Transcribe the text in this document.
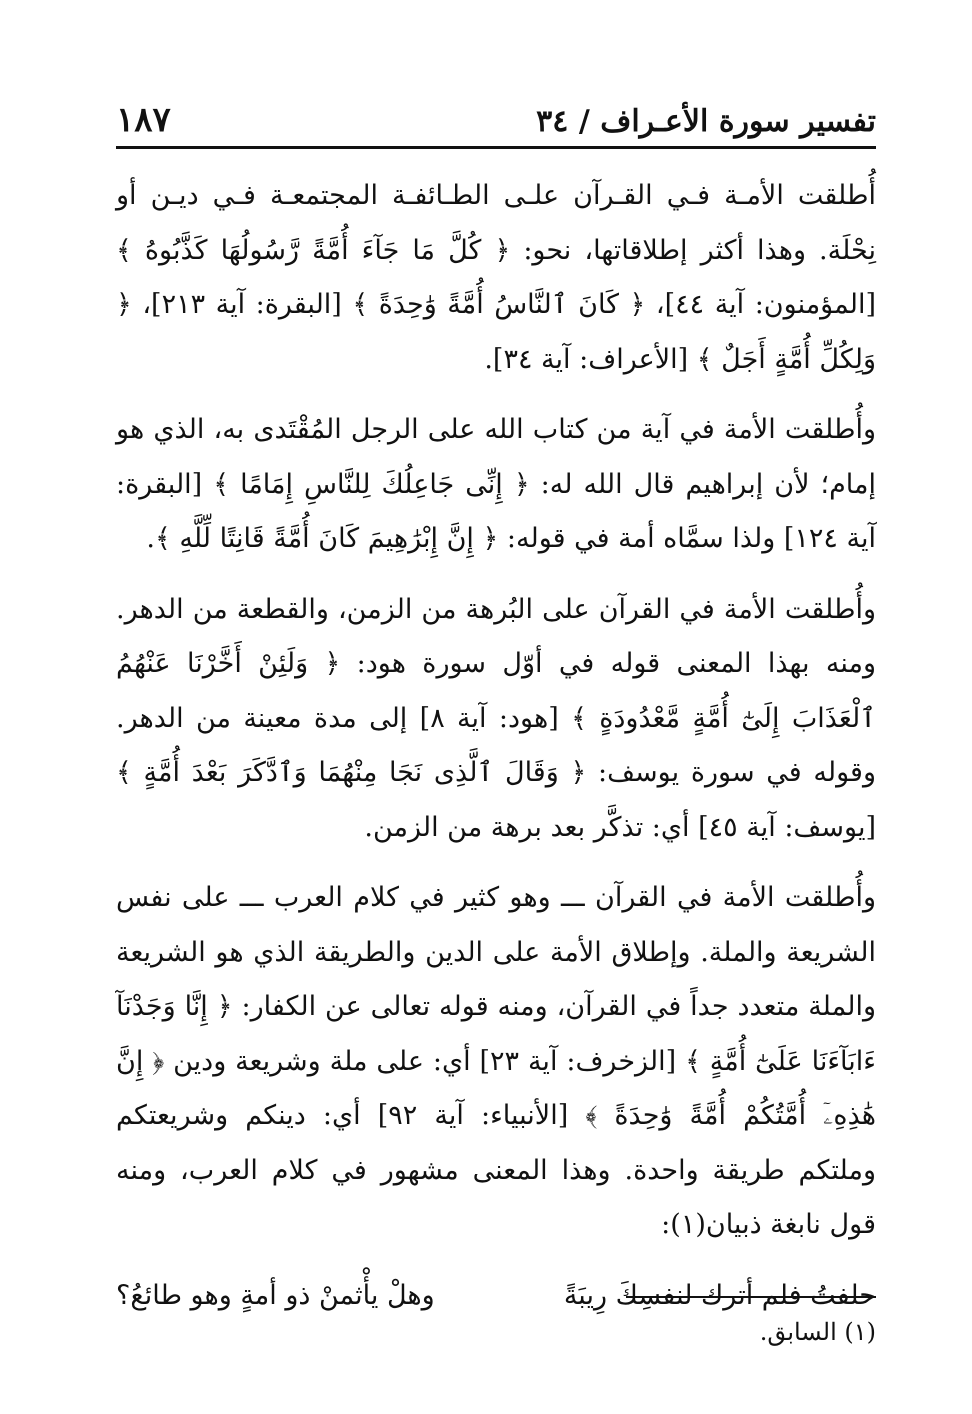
تفسير سورة الأعـراف / ٣٤
١٨٧

أُطلقت الأمـة فـي القـرآن علـى الطـائفـة المجتمعـة فـي ديـن أو نِحْلَة. وهذا أكثر إطلاقاتها، نحو: ﴿ كُلَّ مَا جَآءَ أُمَّةً رَّسُولُهَا كَذَّبُوهُ ﴾ [المؤمنون: آية ٤٤]، ﴿ كَانَ ٱلنَّاسُ أُمَّةً وَٰحِدَةً ﴾ [البقرة: آية ٢١٣]، ﴿ وَلِكُلِّ أُمَّةٍ أَجَلٌ ﴾ [الأعراف: آية ٣٤].

وأُطلقت الأمة في آية من كتاب الله على الرجل المُقْتَدى به، الذي هو إمام؛ لأن إبراهيم قال الله له: ﴿ إِنِّى جَاعِلُكَ لِلنَّاسِ إِمَامًا ﴾ [البقرة: آية ١٢٤] ولذا سمَّاه أمة في قوله: ﴿ إِنَّ إِبْرَٰهِيمَ كَانَ أُمَّةً قَانِتًا لِّلَّهِ ﴾.

وأُطلقت الأمة في القرآن على البُرهة من الزمن، والقطعة من الدهر. ومنه بهذا المعنى قوله في أوّل سورة هود: ﴿ وَلَئِنْ أَخَّرْنَا عَنْهُمُ ٱلْعَذَابَ إِلَىٰٓ أُمَّةٍ مَّعْدُودَةٍ ﴾ [هود: آية ٨] إلى مدة معينة من الدهر. وقوله في سورة يوسف: ﴿ وَقَالَ ٱلَّذِى نَجَا مِنْهُمَا وَٱدَّكَرَ بَعْدَ أُمَّةٍ ﴾ [يوسف: آية ٤٥] أي: تذكَّر بعد برهة من الزمن.

وأُطلقت الأمة في القرآن ـــ وهو كثير في كلام العرب ـــ على نفس الشريعة والملة. وإطلاق الأمة على الدين والطريقة الذي هو الشريعة والملة متعدد جداً في القرآن، ومنه قوله تعالى عن الكفار: ﴿ إِنَّا وَجَدْنَآ ءَابَآءَنَا عَلَىٰٓ أُمَّةٍ ﴾ [الزخرف: آية ٢٣] أي: على ملة وشريعة ودين ﴿ إِنَّ هَٰذِهِۦٓ أُمَّتُكُمْ أُمَّةً وَٰحِدَةً ﴾ [الأنبياء: آية ٩٢] أي: دينكم وشريعتكم وملتكم طريقة واحدة. وهذا المعنى مشهور في كلام العرب، ومنه قول نابغة ذبيان(١):

حلفتُ فلم أترك لنفسِكَ رِيبَةً
وهلْ يأْثمنْ ذو أمةٍ وهو طائعُ؟
(١) السابق.
